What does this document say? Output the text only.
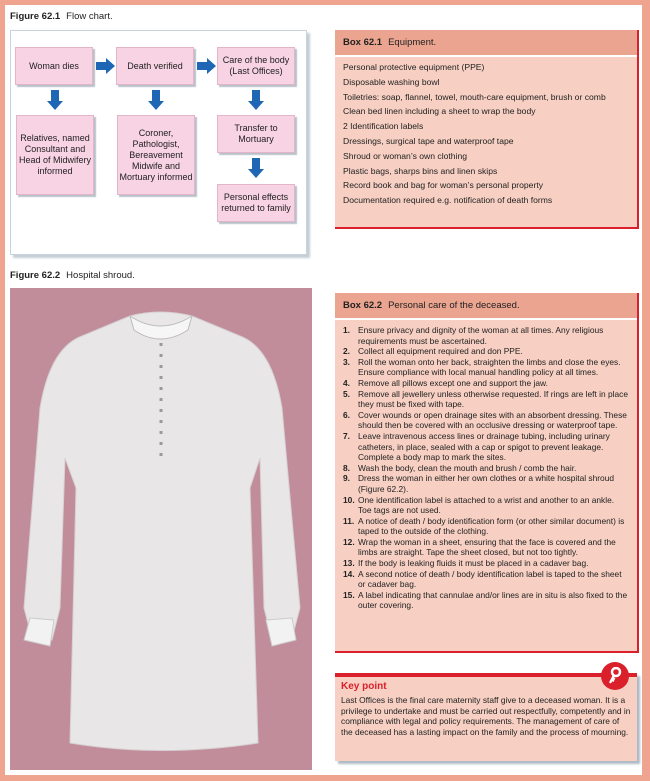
Figure 62.1 Flow chart.
Woman dies	Death verified
Care of the body (Last Offices)
Relatives, named Consultant and Head of Midwifery informed
Coroner, Pathologist, Bereavement Midwife and Mortuary informed
Transfer to Mortuary
Personal effects returned to family
Box 62.1 Equipment.
Personal protective equipment (PPE)
Disposable washing bowl
Toiletries: soap, flannel, towel, mouth-care equipment, brush or comb
Clean bed linen including a sheet to wrap the body
2 Identification labels
Dressings, surgical tape and waterproof tape
Shroud or woman’s own clothing
Plastic bags, sharps bins and linen skips
Record book and bag for woman’s personal property
Documentation required e.g. notification of death forms
Figure 62.2 Hospital shroud.
Box 62.2 Personal care of the deceased.
1. Ensure privacy and dignity of the woman at all times. Any religious requirements must be ascertained.
2. Collect all equipment required and don PPE.
3. Roll the woman onto her back, straighten the limbs and close the eyes. Ensure compliance with local manual handling policy at all times.
4. Remove all pillows except one and support the jaw.
5. Remove all jewellery unless otherwise requested. If rings are left in place they must be fixed with tape.
6. Cover wounds or open drainage sites with an absorbent dressing. These should then be covered with an occlusive dressing or waterproof tape.
7. Leave intravenous access lines or drainage tubing, including urinary catheters, in place, sealed with a cap or spigot to prevent leakage. Complete a body map to mark the sites.
8. Wash the body, clean the mouth and brush / comb the hair.
9. Dress the woman in either her own clothes or a white hospital shroud (Figure 62.2).
10. One identification label is attached to a wrist and another to an ankle. Toe tags are not used.
11. A notice of death / body identification form (or other similar document) is taped to the outside of the clothing.
12. Wrap the woman in a sheet, ensuring that the face is covered and the limbs are straight. Tape the sheet closed, but not too tightly.
13. If the body is leaking fluids it must be placed in a cadaver bag.
14. A second notice of death / body identification label is taped to the sheet or cadaver bag.
15. A label indicating that cannulae and/or lines are in situ is also fixed to the outer covering.
Key point

Last Offices is the final care maternity staff give to a deceased woman. It is a privilege to undertake and must be carried out respectfully, competently and in compliance with legal and policy requirements. The management of care of the deceased has a lasting impact on the family and the process of mourning.
